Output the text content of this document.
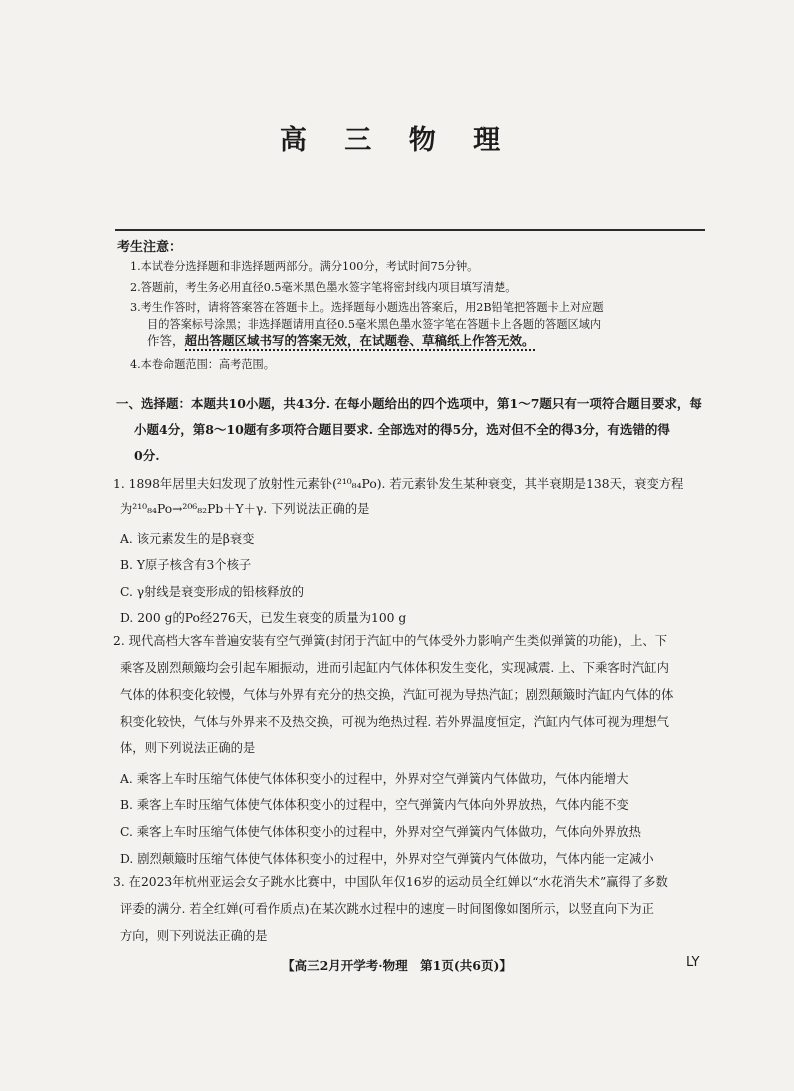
高 三 物 理
考生注意：
1.本试卷分选择题和非选择题两部分。满分100分，考试时间75分钟。
2.答题前，考生务必用直径0.5毫米黑色墨水签字笔将密封线内项目填写清楚。
3.考生作答时，请将答案答在答题卡上。选择题每小题选出答案后，用2B铅笔把答题卡上对应题
目的答案标号涂黑；非选择题请用直径0.5毫米黑色墨水签字笔在答题卡上各题的答题区域内
作答，超出答题区域书写的答案无效，在试题卷、草稿纸上作答无效。
4.本卷命题范围：高考范围。
一、选择题：本题共10小题，共43分. 在每小题给出的四个选项中，第1～7题只有一项符合题目要求，每
小题4分，第8～10题有多项符合题目要求. 全部选对的得5分，选对但不全的得3分，有选错的得
0分.
1. 1898年居里夫妇发现了放射性元素钋(²¹⁰₈₄Po). 若元素钋发生某种衰变，其半衰期是138天，衰变方程
为²¹⁰₈₄Po→²⁰⁶₈₂Pb＋Y＋γ. 下列说法正确的是
A. 该元素发生的是β衰变
B. Y原子核含有3个核子
C. γ射线是衰变形成的铅核释放的
D. 200 g的Po经276天，已发生衰变的质量为100 g
2. 现代高档大客车普遍安装有空气弹簧(封闭于汽缸中的气体受外力影响产生类似弹簧的功能)，上、下
乘客及剧烈颠簸均会引起车厢振动，进而引起缸内气体体积发生变化，实现减震. 上、下乘客时汽缸内
气体的体积变化较慢，气体与外界有充分的热交换，汽缸可视为导热汽缸；剧烈颠簸时汽缸内气体的体
积变化较快，气体与外界来不及热交换，可视为绝热过程. 若外界温度恒定，汽缸内气体可视为理想气
体，则下列说法正确的是
A. 乘客上车时压缩气体使气体体积变小的过程中，外界对空气弹簧内气体做功，气体内能增大
B. 乘客上车时压缩气体使气体体积变小的过程中，空气弹簧内气体向外界放热，气体内能不变
C. 乘客上车时压缩气体使气体体积变小的过程中，外界对空气弹簧内气体做功，气体向外界放热
D. 剧烈颠簸时压缩气体使气体体积变小的过程中，外界对空气弹簧内气体做功，气体内能一定减小
3. 在2023年杭州亚运会女子跳水比赛中，中国队年仅16岁的运动员全红婵以“水花消失术”赢得了多数
评委的满分. 若全红婵(可看作质点)在某次跳水过程中的速度－时间图像如图所示，以竖直向下为正
方向，则下列说法正确的是
【高三2月开学考·物理　第1页(共6页)】	LY
